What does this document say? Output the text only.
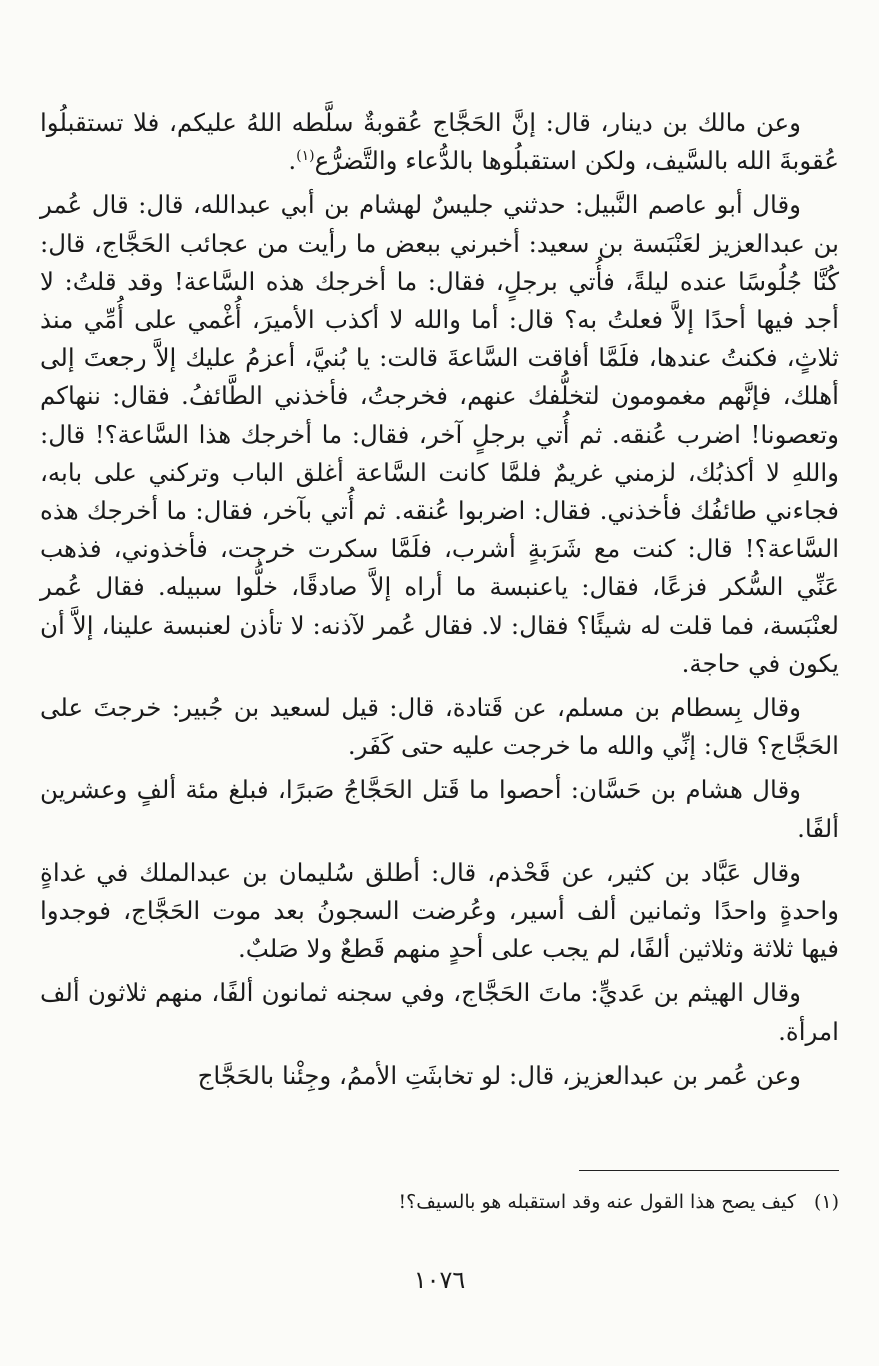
وعن مالك بن دينار، قال: إنَّ الحَجَّاج عُقوبةٌ سلَّطه اللهُ عليكم، فلا تستقبلُوا عُقوبةَ الله بالسَّيف، ولكن استقبلُوها بالدُّعاء والتَّضرُّع$^{(١)}$.

وقال أبو عاصم النَّبيل: حدثني جليسٌ لهشام بن أبي عبدالله، قال: قال عُمر بن عبدالعزيز لعَنْبَسة بن سعيد: أخبرني ببعض ما رأيت من عجائب الحَجَّاج، قال: كُنَّا جُلُوسًا عنده ليلةً، فأُتي برجلٍ، فقال: ما أخرجك هذه السَّاعة! وقد قلتُ: لا أجد فيها أحدًا إلاَّ فعلتُ به؟ قال: أما والله لا أكذب الأميرَ، أُغْمي على أُمِّي منذ ثلاثٍ، فكنتُ عندها، فلَمَّا أفاقت السَّاعةَ قالت: يا بُنيَّ، أعزمُ عليك إلاَّ رجعتَ إلى أهلك، فإنَّهم مغمومون لتخلُّفك عنهم، فخرجتُ، فأخذني الطَّائفُ. فقال: ننهاكم وتعصونا! اضرب عُنقه. ثم أُتي برجلٍ آخر، فقال: ما أخرجك هذا السَّاعة؟! قال: واللهِ لا أكذبُك، لزمني غريمٌ فلمَّا كانت السَّاعة أغلق الباب وتركني على بابه، فجاءني طائفُك فأخذني. فقال: اضربوا عُنقه. ثم أُتي بآخر، فقال: ما أخرجك هذه السَّاعة؟! قال: كنت مع شَرَبةٍ أشرب، فلَمَّا سكرت خرجت، فأخذوني، فذهب عَنِّي السُّكر فزعًا، فقال: ياعنبسة ما أراه إلاَّ صادقًا، خلُّوا سبيله. فقال عُمر لعنْبَسة، فما قلت له شيئًا؟ فقال: لا. فقال عُمر لآذنه: لا تأذن لعنبسة علينا، إلاَّ أن يكون في حاجة.

وقال بِسطام بن مسلم، عن قَتادة، قال: قيل لسعيد بن جُبير: خرجتَ على الحَجَّاج؟ قال: إنِّي والله ما خرجت عليه حتى كَفَر.

وقال هشام بن حَسَّان: أحصوا ما قَتل الحَجَّاجُ صَبرًا، فبلغ مئة ألفٍ وعشرين ألفًا.

وقال عَبَّاد بن كثير، عن قَحْذم، قال: أطلق سُليمان بن عبدالملك في غداةٍ واحدةٍ واحدًا وثمانين ألف أسير، وعُرضت السجونُ بعد موت الحَجَّاج، فوجدوا فيها ثلاثة وثلاثين ألفًا، لم يجب على أحدٍ منهم قَطعٌ ولا صَلبٌ.

وقال الهيثم بن عَديٍّ: ماتَ الحَجَّاج، وفي سجنه ثمانون ألفًا، منهم ثلاثون ألف امرأة.

وعن عُمر بن عبدالعزيز، قال: لو تخابثَتِ الأممُ، وجِئْنا بالحَجَّاج

(١) كيف يصح هذا القول عنه وقد استقبله هو بالسيف؟!
١٠٧٦
